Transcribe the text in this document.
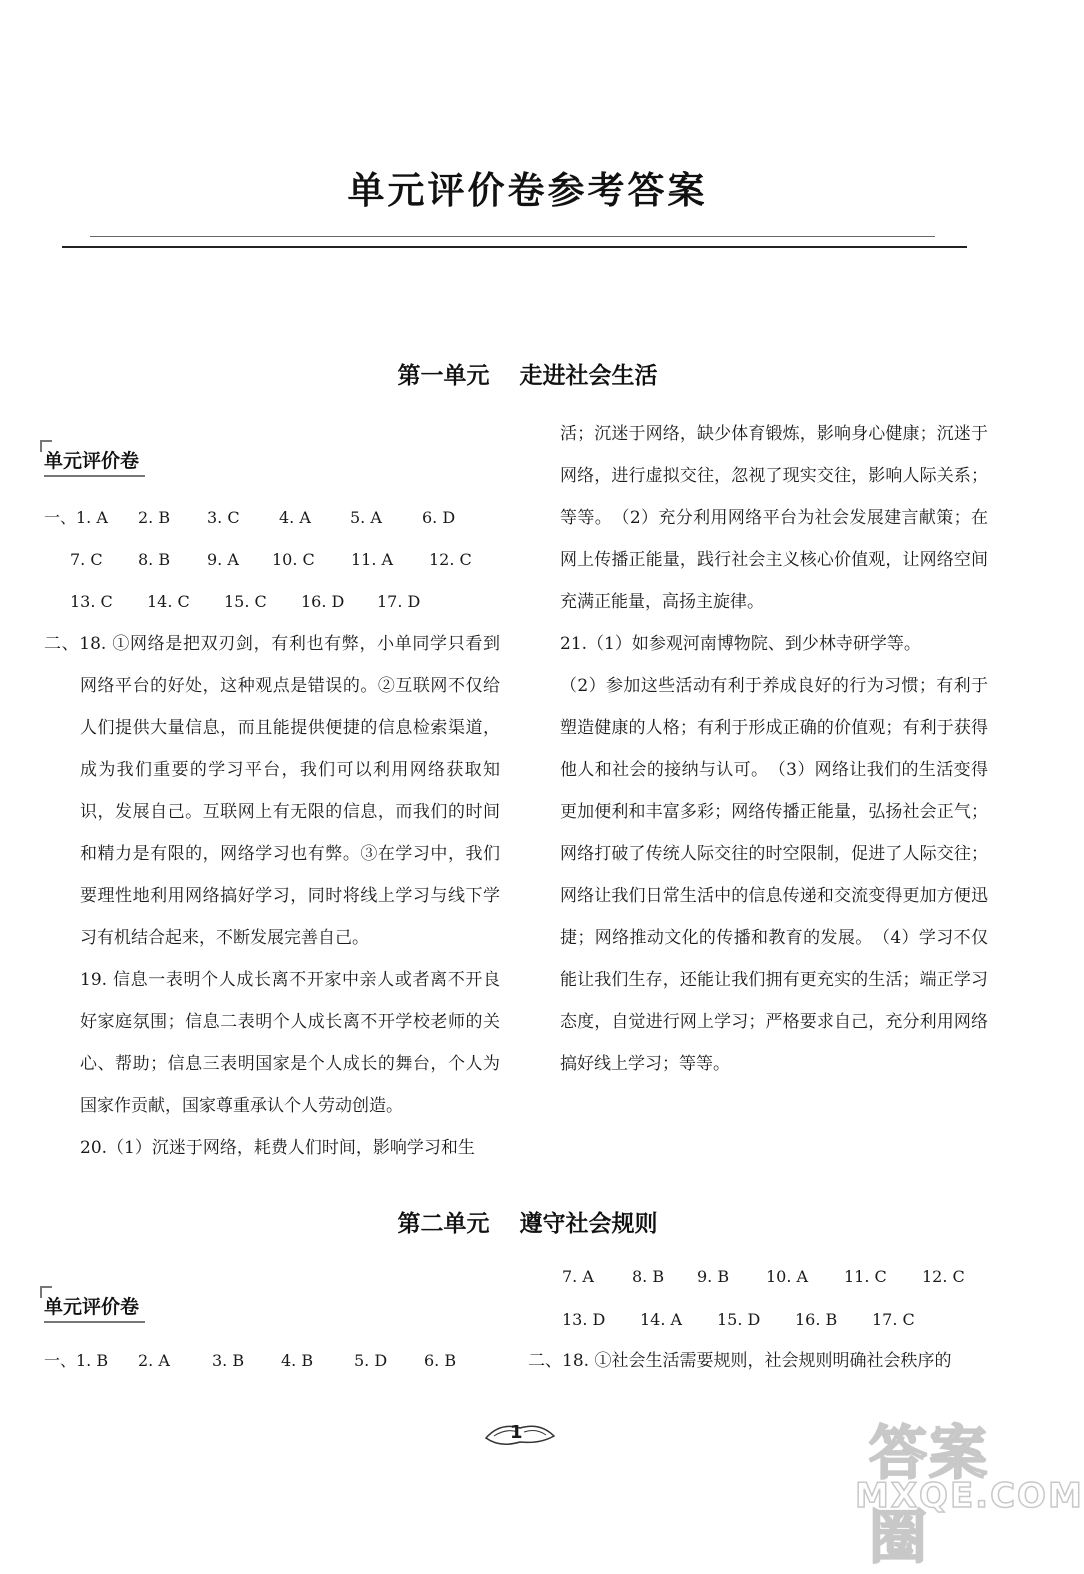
单元评价卷参考答案
第一单元 走进社会生活
单元评价卷
一、1. A 2. B 3. C 4. A 5. A	6. D
7. C 8. B 9. A 10. C 11. A 12. C
13. C 14. C 15. C 16. D 17. D

二、18. ①网络是把双刃剑，有利也有弊，小单同学只看到网络平台的好处，这种观点是错误的。②互联网不仅给人们提供大量信息，而且能提供便捷的信息检索渠道，成为我们重要的学习平台，我们可以利用网络获取知识，发展自己。互联网上有无限的信息，而我们的时间和精力是有限的，网络学习也有弊。③在学习中，我们要理性地利用网络搞好学习，同时将线上学习与线下学习有机结合起来，不断发展完善自己。

19. 信息一表明个人成长离不开家中亲人或者离不开良好家庭氛围；信息二表明个人成长离不开学校老师的关心、帮助；信息三表明国家是个人成长的舞台，个人为国家作贡献，国家尊重承认个人劳动创造。

20.（1）沉迷于网络，耗费人们时间，影响学习和生

活；沉迷于网络，缺少体育锻炼，影响身心健康；沉迷于网络，进行虚拟交往，忽视了现实交往，影响人际关系；等等。　（2）充分利用网络平台为社会发展建言献策；在网上传播正能量，践行社会主义核心价值观，让网络空间充满正能量，高扬主旋律。

21.（1）如参观河南博物院、到少林寺研学等。

（2）参加这些活动有利于养成良好的行为习惯；有利于塑造健康的人格；有利于形成正确的价值观；有利于获得他人和社会的接纳与认可。　（3）网络让我们的生活变得更加便利和丰富多彩；网络传播正能量，弘扬社会正气；网络打破了传统人际交往的时空限制，促进了人际交往；网络让我们日常生活中的信息传递和交流变得更加方便迅捷；网络推动文化的传播和教育的发展。　（4）学习不仅能让我们生存，还能让我们拥有更充实的生活；端正学习态度，自觉进行网上学习；严格要求自己，充分利用网络搞好线上学习；等等。

第二单元 遵守社会规则
单元评价卷
一、1. B 2. A	3. B 4. B	5. D 6. B
7. A 8. B 9. B 10. A 11. C 12. C
13. D 14. A 15. D 16. B 17. C

二、18. ①社会生活需要规则，社会规则明确社会秩序的

1	答案圈
MXQE.COM
